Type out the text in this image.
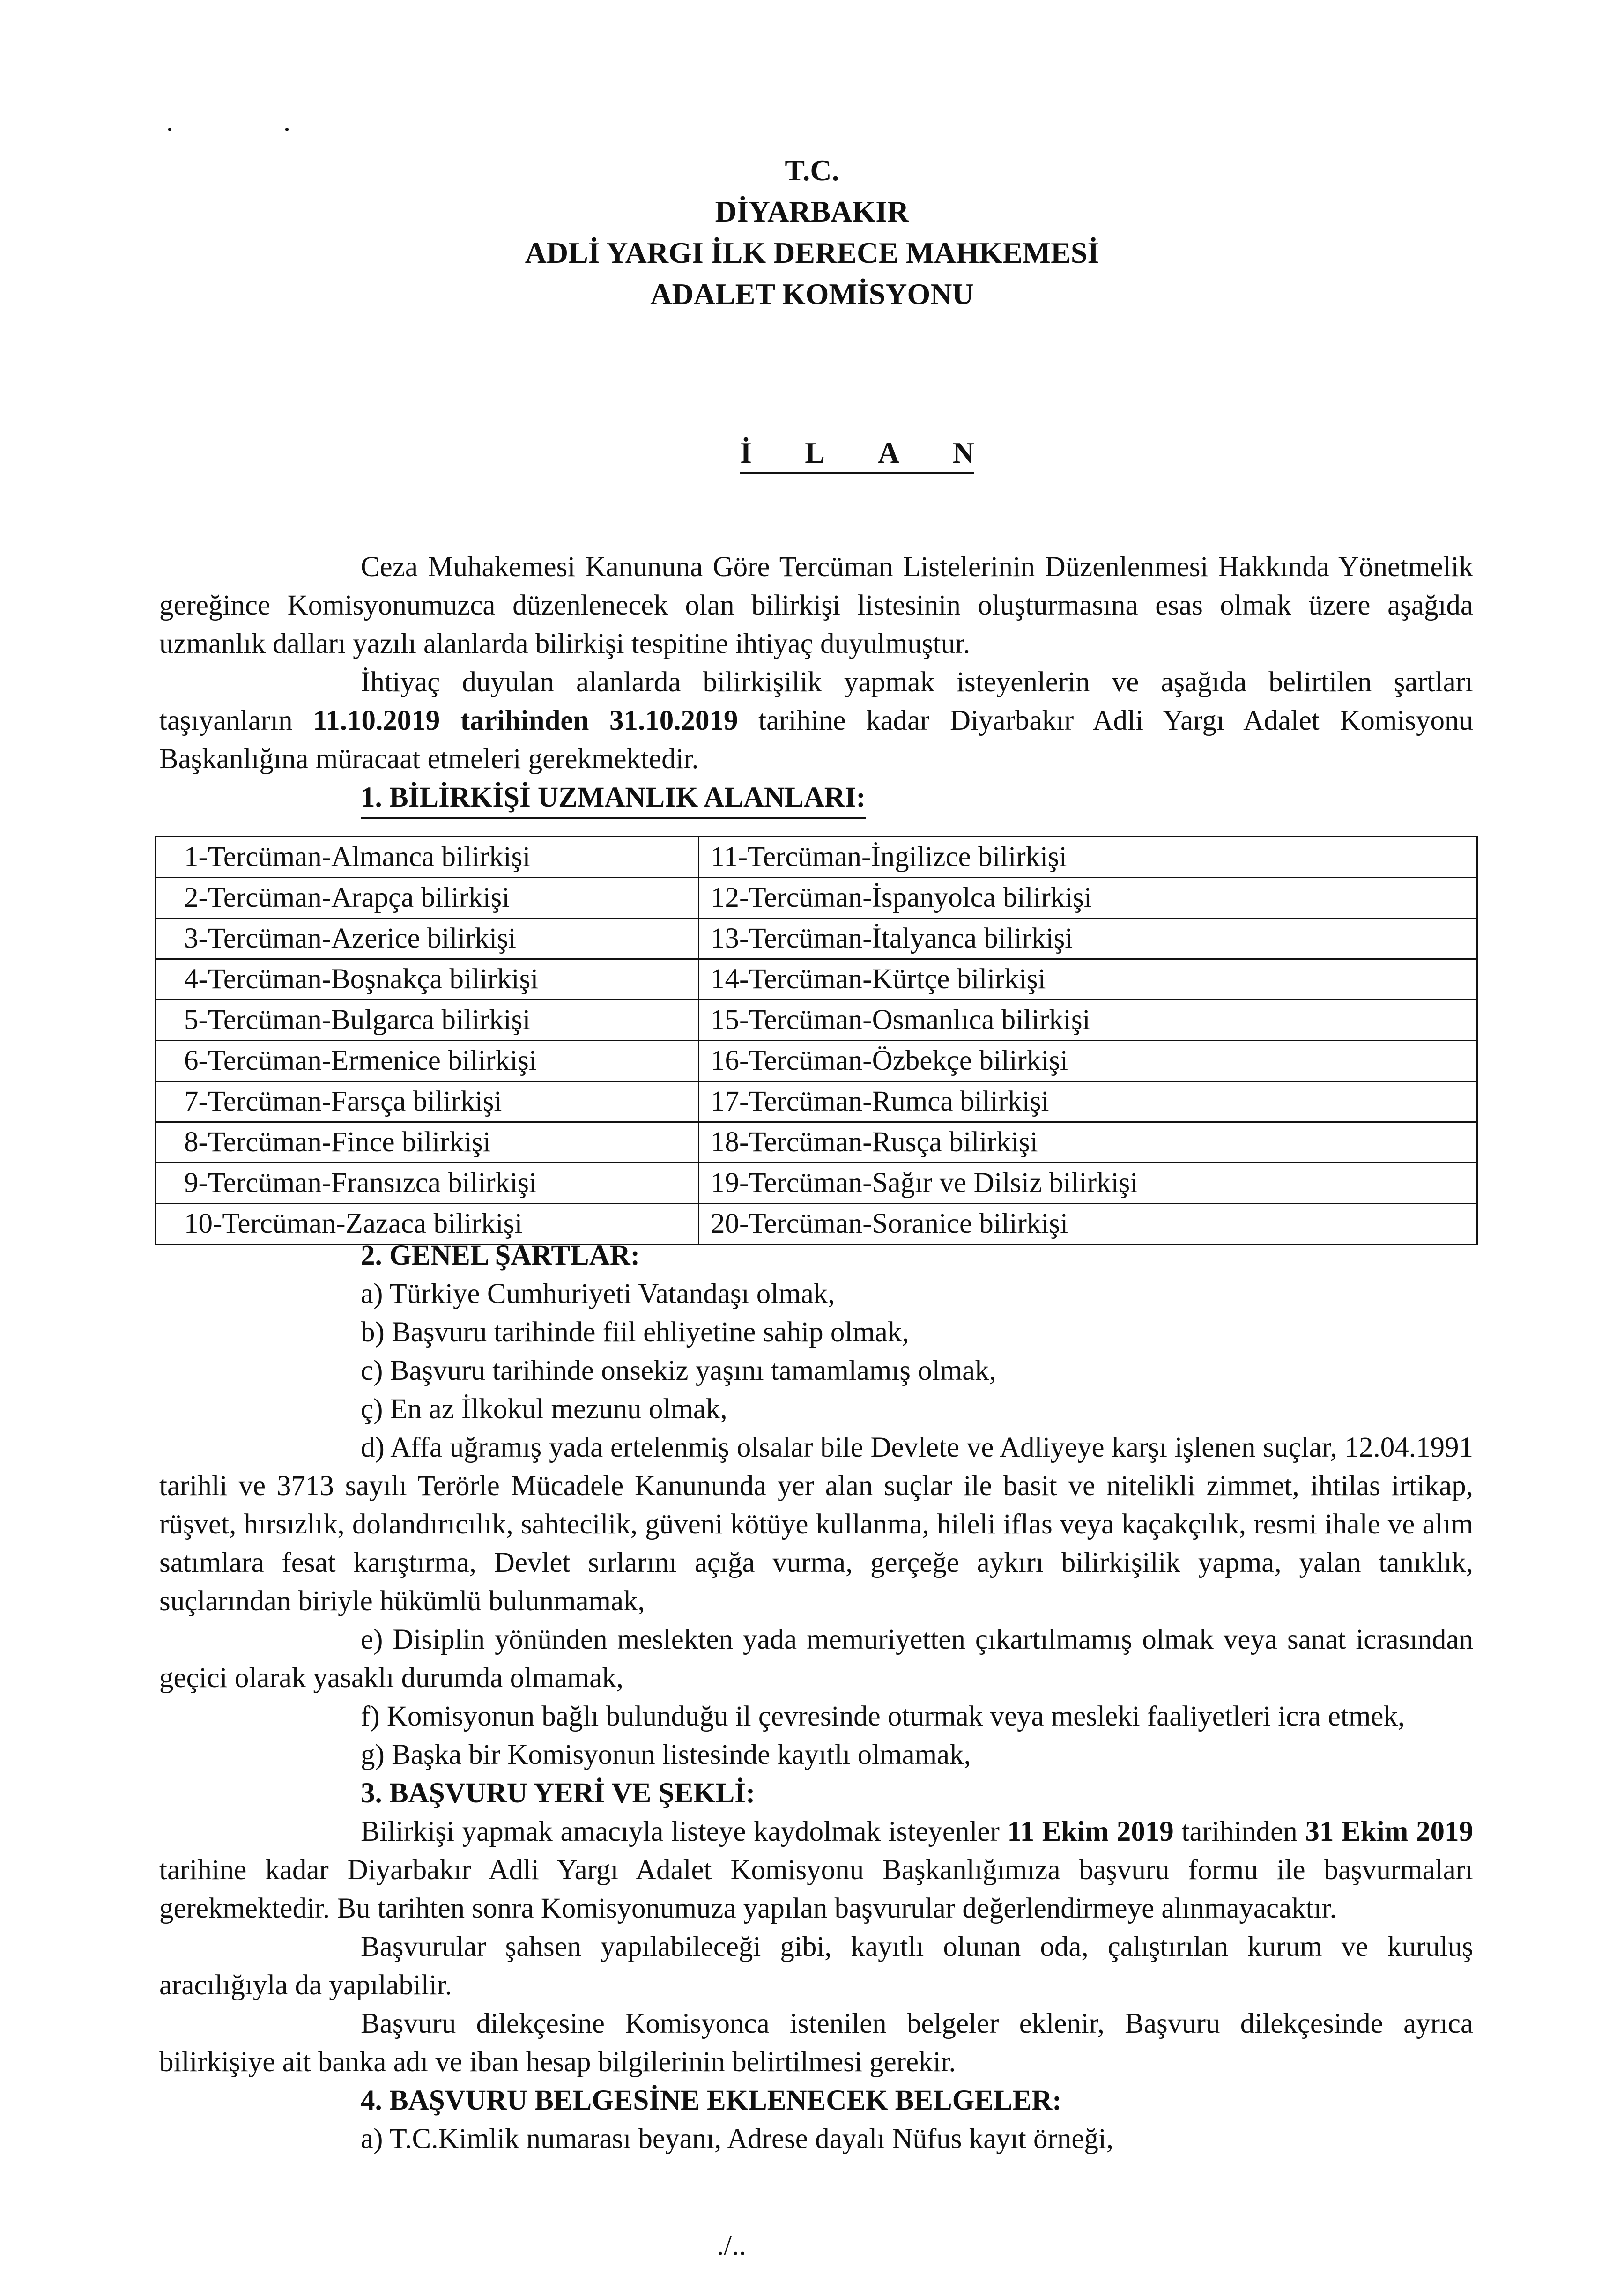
. .
T.C.
DİYARBAKIR
ADLİ YARGI İLK DERECE MAHKEMESİ
ADALET KOMİSYONU
İ L A N

Ceza Muhakemesi Kanununa Göre Tercüman Listelerinin Düzenlenmesi Hakkında Yönetmelik gereğince Komisyonumuzca düzenlenecek olan bilirkişi listesinin oluşturmasına esas olmak üzere aşağıda uzmanlık dalları yazılı alanlarda bilirkişi tespitine ihtiyaç duyulmuştur.

İhtiyaç duyulan alanlarda bilirkişilik yapmak isteyenlerin ve aşağıda belirtilen şartları taşıyanların 11.10.2019 tarihinden 31.10.2019 tarihine kadar Diyarbakır Adli Yargı Adalet Komisyonu Başkanlığına müracaat etmeleri gerekmektedir.

1. BİLİRKİŞİ UZMANLIK ALANLARI:

1-Tercüman-Almanca bilirkişi	11-Tercüman-İngilizce bilirkişi
2-Tercüman-Arapça bilirkişi	12-Tercüman-İspanyolca bilirkişi
3-Tercüman-Azerice bilirkişi	13-Tercüman-İtalyanca bilirkişi
4-Tercüman-Boşnakça bilirkişi	14-Tercüman-Kürtçe bilirkişi
5-Tercüman-Bulgarca bilirkişi	15-Tercüman-Osmanlıca bilirkişi
6-Tercüman-Ermenice bilirkişi	16-Tercüman-Özbekçe bilirkişi
7-Tercüman-Farsça bilirkişi	17-Tercüman-Rumca bilirkişi
8-Tercüman-Fince bilirkişi	18-Tercüman-Rusça bilirkişi
9-Tercüman-Fransızca bilirkişi	19-Tercüman-Sağır ve Dilsiz bilirkişi
10-Tercüman-Zazaca bilirkişi	20-Tercüman-Soranice bilirkişi

2. GENEL ŞARTLAR:

a) Türkiye Cumhuriyeti Vatandaşı olmak,

b) Başvuru tarihinde fiil ehliyetine sahip olmak,

c) Başvuru tarihinde onsekiz yaşını tamamlamış olmak,

ç) En az İlkokul mezunu olmak,

d) Affa uğramış yada ertelenmiş olsalar bile Devlete ve Adliyeye karşı işlenen suçlar, 12.04.1991 tarihli ve 3713 sayılı Terörle Mücadele Kanununda yer alan suçlar ile basit ve nitelikli zimmet, ihtilas irtikap, rüşvet, hırsızlık, dolandırıcılık, sahtecilik, güveni kötüye kullanma, hileli iflas veya kaçakçılık, resmi ihale ve alım satımlara fesat karıştırma, Devlet sırlarını açığa vurma, gerçeğe aykırı bilirkişilik yapma, yalan tanıklık, suçlarından biriyle hükümlü bulunmamak,

e) Disiplin yönünden meslekten yada memuriyetten çıkartılmamış olmak veya sanat icrasından geçici olarak yasaklı durumda olmamak,

f) Komisyonun bağlı bulunduğu il çevresinde oturmak veya mesleki faaliyetleri icra etmek,

g) Başka bir Komisyonun listesinde kayıtlı olmamak,

3. BAŞVURU YERİ VE ŞEKLİ:

Bilirkişi yapmak amacıyla listeye kaydolmak isteyenler 11 Ekim 2019 tarihinden 31 Ekim 2019 tarihine kadar Diyarbakır Adli Yargı Adalet Komisyonu Başkanlığımıza başvuru formu ile başvurmaları gerekmektedir. Bu tarihten sonra Komisyonumuza yapılan başvurular değerlendirmeye alınmayacaktır.

Başvurular şahsen yapılabileceği gibi, kayıtlı olunan oda, çalıştırılan kurum ve kuruluş aracılığıyla da yapılabilir.

Başvuru dilekçesine Komisyonca istenilen belgeler eklenir, Başvuru dilekçesinde ayrıca bilirkişiye ait banka adı ve iban hesap bilgilerinin belirtilmesi gerekir.

4. BAŞVURU BELGESİNE EKLENECEK BELGELER:

a) T.C.Kimlik numarası beyanı, Adrese dayalı Nüfus kayıt örneği,

./..
